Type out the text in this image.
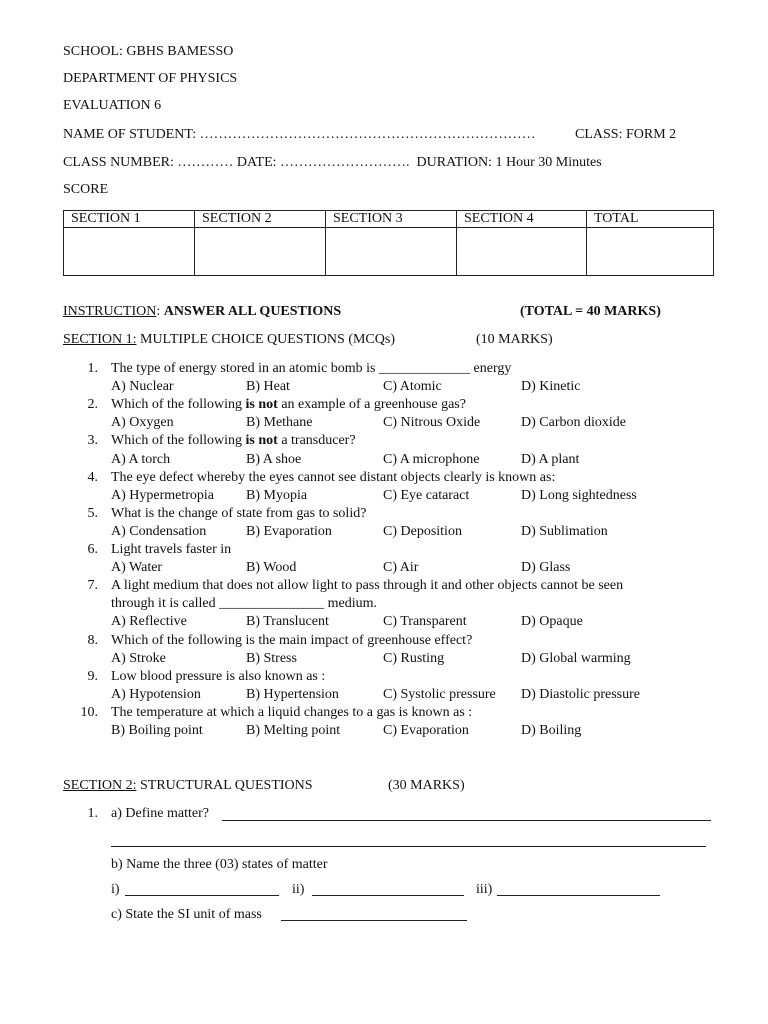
SCHOOL: GBHS BAMESSO
DEPARTMENT OF PHYSICS
EVALUATION 6
NAME OF STUDENT: ………………………………………………………………	CLASS: FORM 2
CLASS NUMBER: ………… DATE: ………………………. DURATION: 1 Hour 30 Minutes
SCORE
SECTION 1	SECTION 2	SECTION 3	SECTION 4	TOTAL

INSTRUCTION: ANSWER ALL QUESTIONS	(TOTAL = 40 MARKS)
SECTION 1: MULTIPLE CHOICE QUESTIONS (MCQs)	(10 MARKS)
1. The type of energy stored in an atomic bomb is _____________ energy
A) Nuclear	B) Heat	C) Atomic	D) Kinetic
2. Which of the following is not an example of a greenhouse gas?
A) Oxygen	B) Methane	C) Nitrous Oxide	D) Carbon dioxide
3. Which of the following is not a transducer?
A) A torch	B) A shoe	C) A microphone	D) A plant
4. The eye defect whereby the eyes cannot see distant objects clearly is known as:
A) Hypermetropia B) Myopia	C) Eye cataract	D) Long sightedness
5. What is the change of state from gas to solid?
A) Condensation	B) Evaporation	C) Deposition	D) Sublimation
6. Light travels faster in
A) Water	B) Wood	C) Air	D) Glass
7. A light medium that does not allow light to pass through it and other objects cannot be seen
through it is called _______________ medium.
A) Reflective	B) Translucent	C) Transparent	D) Opaque
8. Which of the following is the main impact of greenhouse effect?
A) Stroke	B) Stress	C) Rusting	D) Global warming
9. Low blood pressure is also known as :
A) Hypotension	B) Hypertension	C) Systolic pressure D) Diastolic pressure
10. The temperature at which a liquid changes to a gas is known as :
B) Boiling point	B) Melting point	C) Evaporation	D) Boiling
SECTION 2: STRUCTURAL QUESTIONS	(30 MARKS)
1. a) Define matter?
b) Name the three (03) states of matter
i)	ii)	iii)
c) State the SI unit of mass
